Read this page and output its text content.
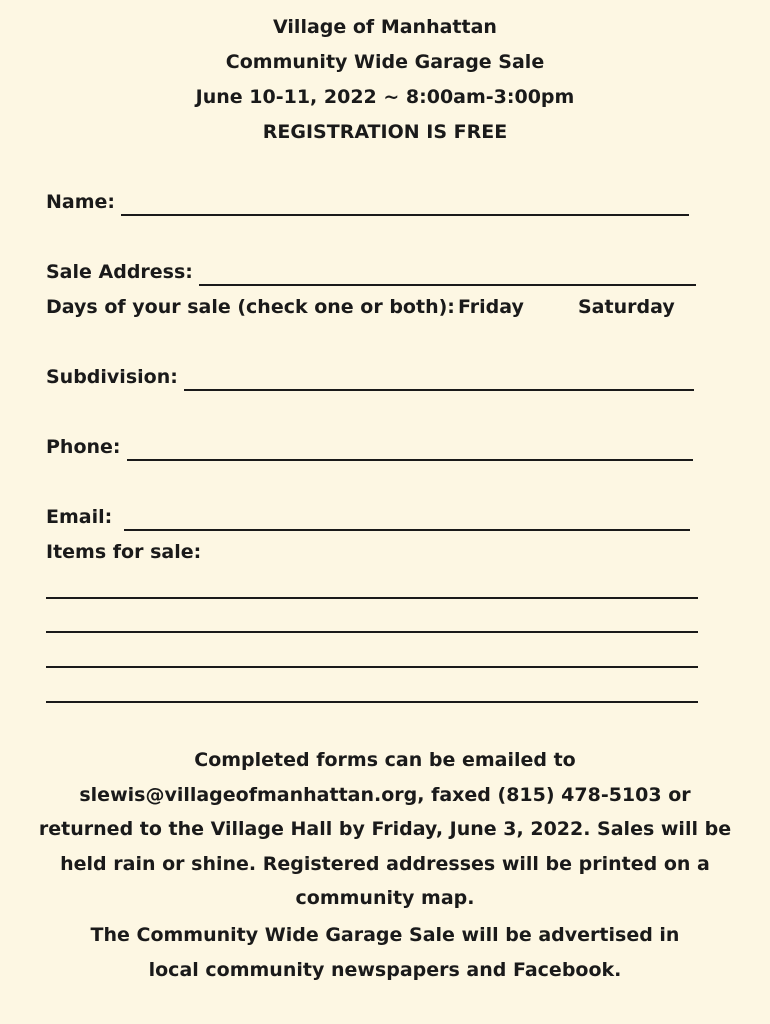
Village of Manhattan
Community Wide Garage Sale
June 10-11, 2022 ~ 8:00am-3:00pm
REGISTRATION IS FREE
Name:
Sale Address:
Days of your sale (check one or both): Friday	Saturday
Subdivision:
Phone:
Email:
Items for sale:
Completed forms can be emailed to slewis@villageofmanhattan.org, faxed (815) 478-5103 or returned to the Village Hall by Friday, June 3, 2022. Sales will be held rain or shine. Registered addresses will be printed on a community map.
The Community Wide Garage Sale will be advertised in local community newspapers and Facebook.
